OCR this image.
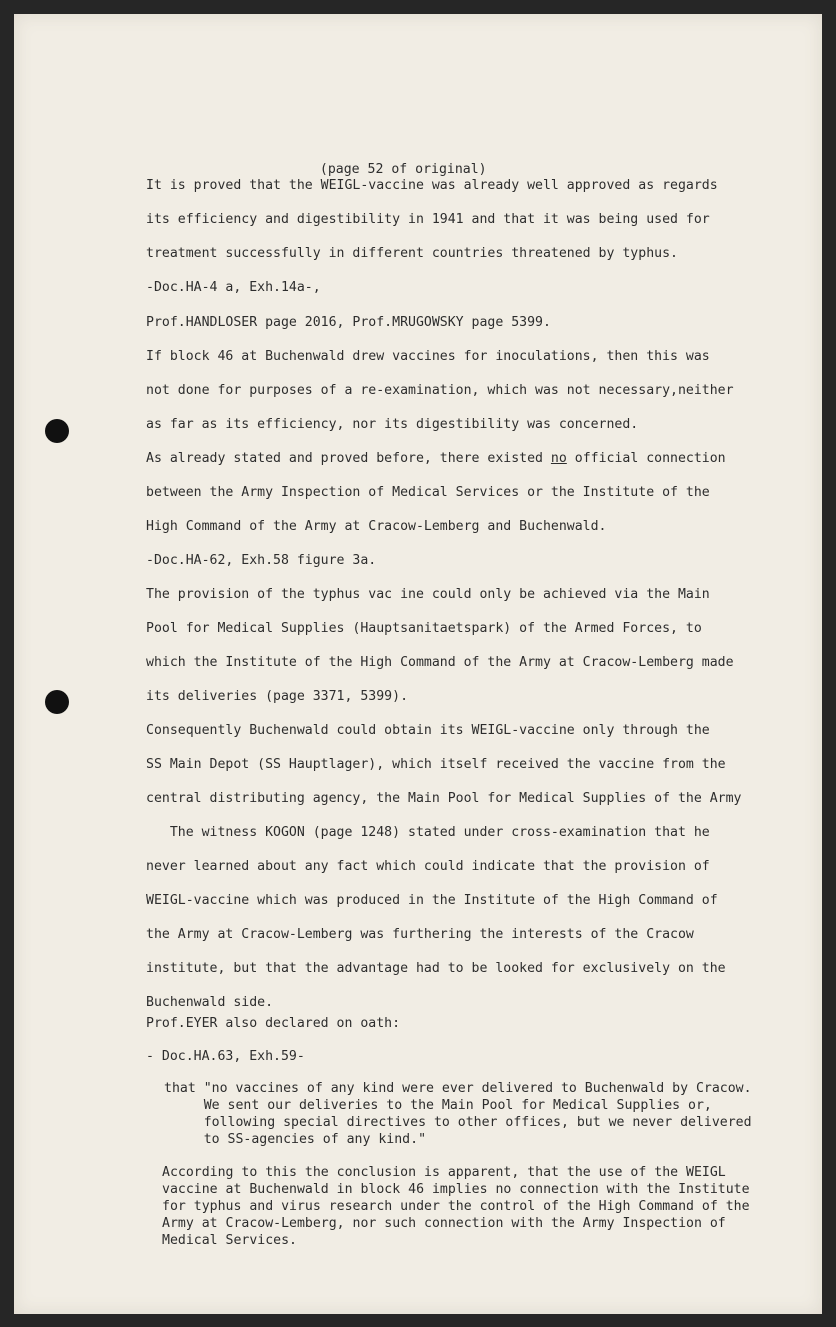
(page 52 of original)

It is proved that the WEIGL-vaccine was already well approved as regards

its efficiency and digestibility in 1941 and that it was being used for

treatment successfully in different countries threatened by typhus.

-Doc.HA-4 a, Exh.14a-,

Prof.HANDLOSER page 2016, Prof.MRUGOWSKY page 5399.

If block 46 at Buchenwald drew vaccines for inoculations, then this was

not done for purposes of a re-examination, which was not necessary,neither

as far as its efficiency, nor its digestibility was concerned.

As already stated and proved before, there existed no official connection

between the Army Inspection of Medical Services or the Institute of the

High Command of the Army at Cracow-Lemberg and Buchenwald.

-Doc.HA-62, Exh.58 figure 3a.

The provision of the typhus vac ine could only be achieved via the Main

Pool for Medical Supplies (Hauptsanitaetspark) of the Armed Forces, to

which the Institute of the High Command of the Army at Cracow-Lemberg made

its deliveries (page 3371, 5399).

Consequently Buchenwald could obtain its WEIGL-vaccine only through the

SS Main Depot (SS Hauptlager), which itself received the vaccine from the

central distributing agency, the Main Pool for Medical Supplies of the Army

The witness KOGON (page 1248) stated under cross-examination that he

never learned about any fact which could indicate that the provision of

WEIGL-vaccine which was produced in the Institute of the High Command of

the Army at Cracow-Lemberg was furthering the interests of the Cracow

institute, but that the advantage had to be looked for exclusively on the

Buchenwald side.

Prof.EYER also declared on oath:

- Doc.HA.63, Exh.59-

that "no vaccines of any kind were ever delivered to Buchenwald by Cracow.

We sent our deliveries to the Main Pool for Medical Supplies or,

following special directives to other offices, but we never delivered

to SS-agencies of any kind."

According to this the conclusion is apparent, that the use of the WEIGL

vaccine at Buchenwald in block 46 implies no connection with the Institute

for typhus and virus research under the control of the High Command of the

Army at Cracow-Lemberg, nor such connection with the Army Inspection of

Medical Services.
